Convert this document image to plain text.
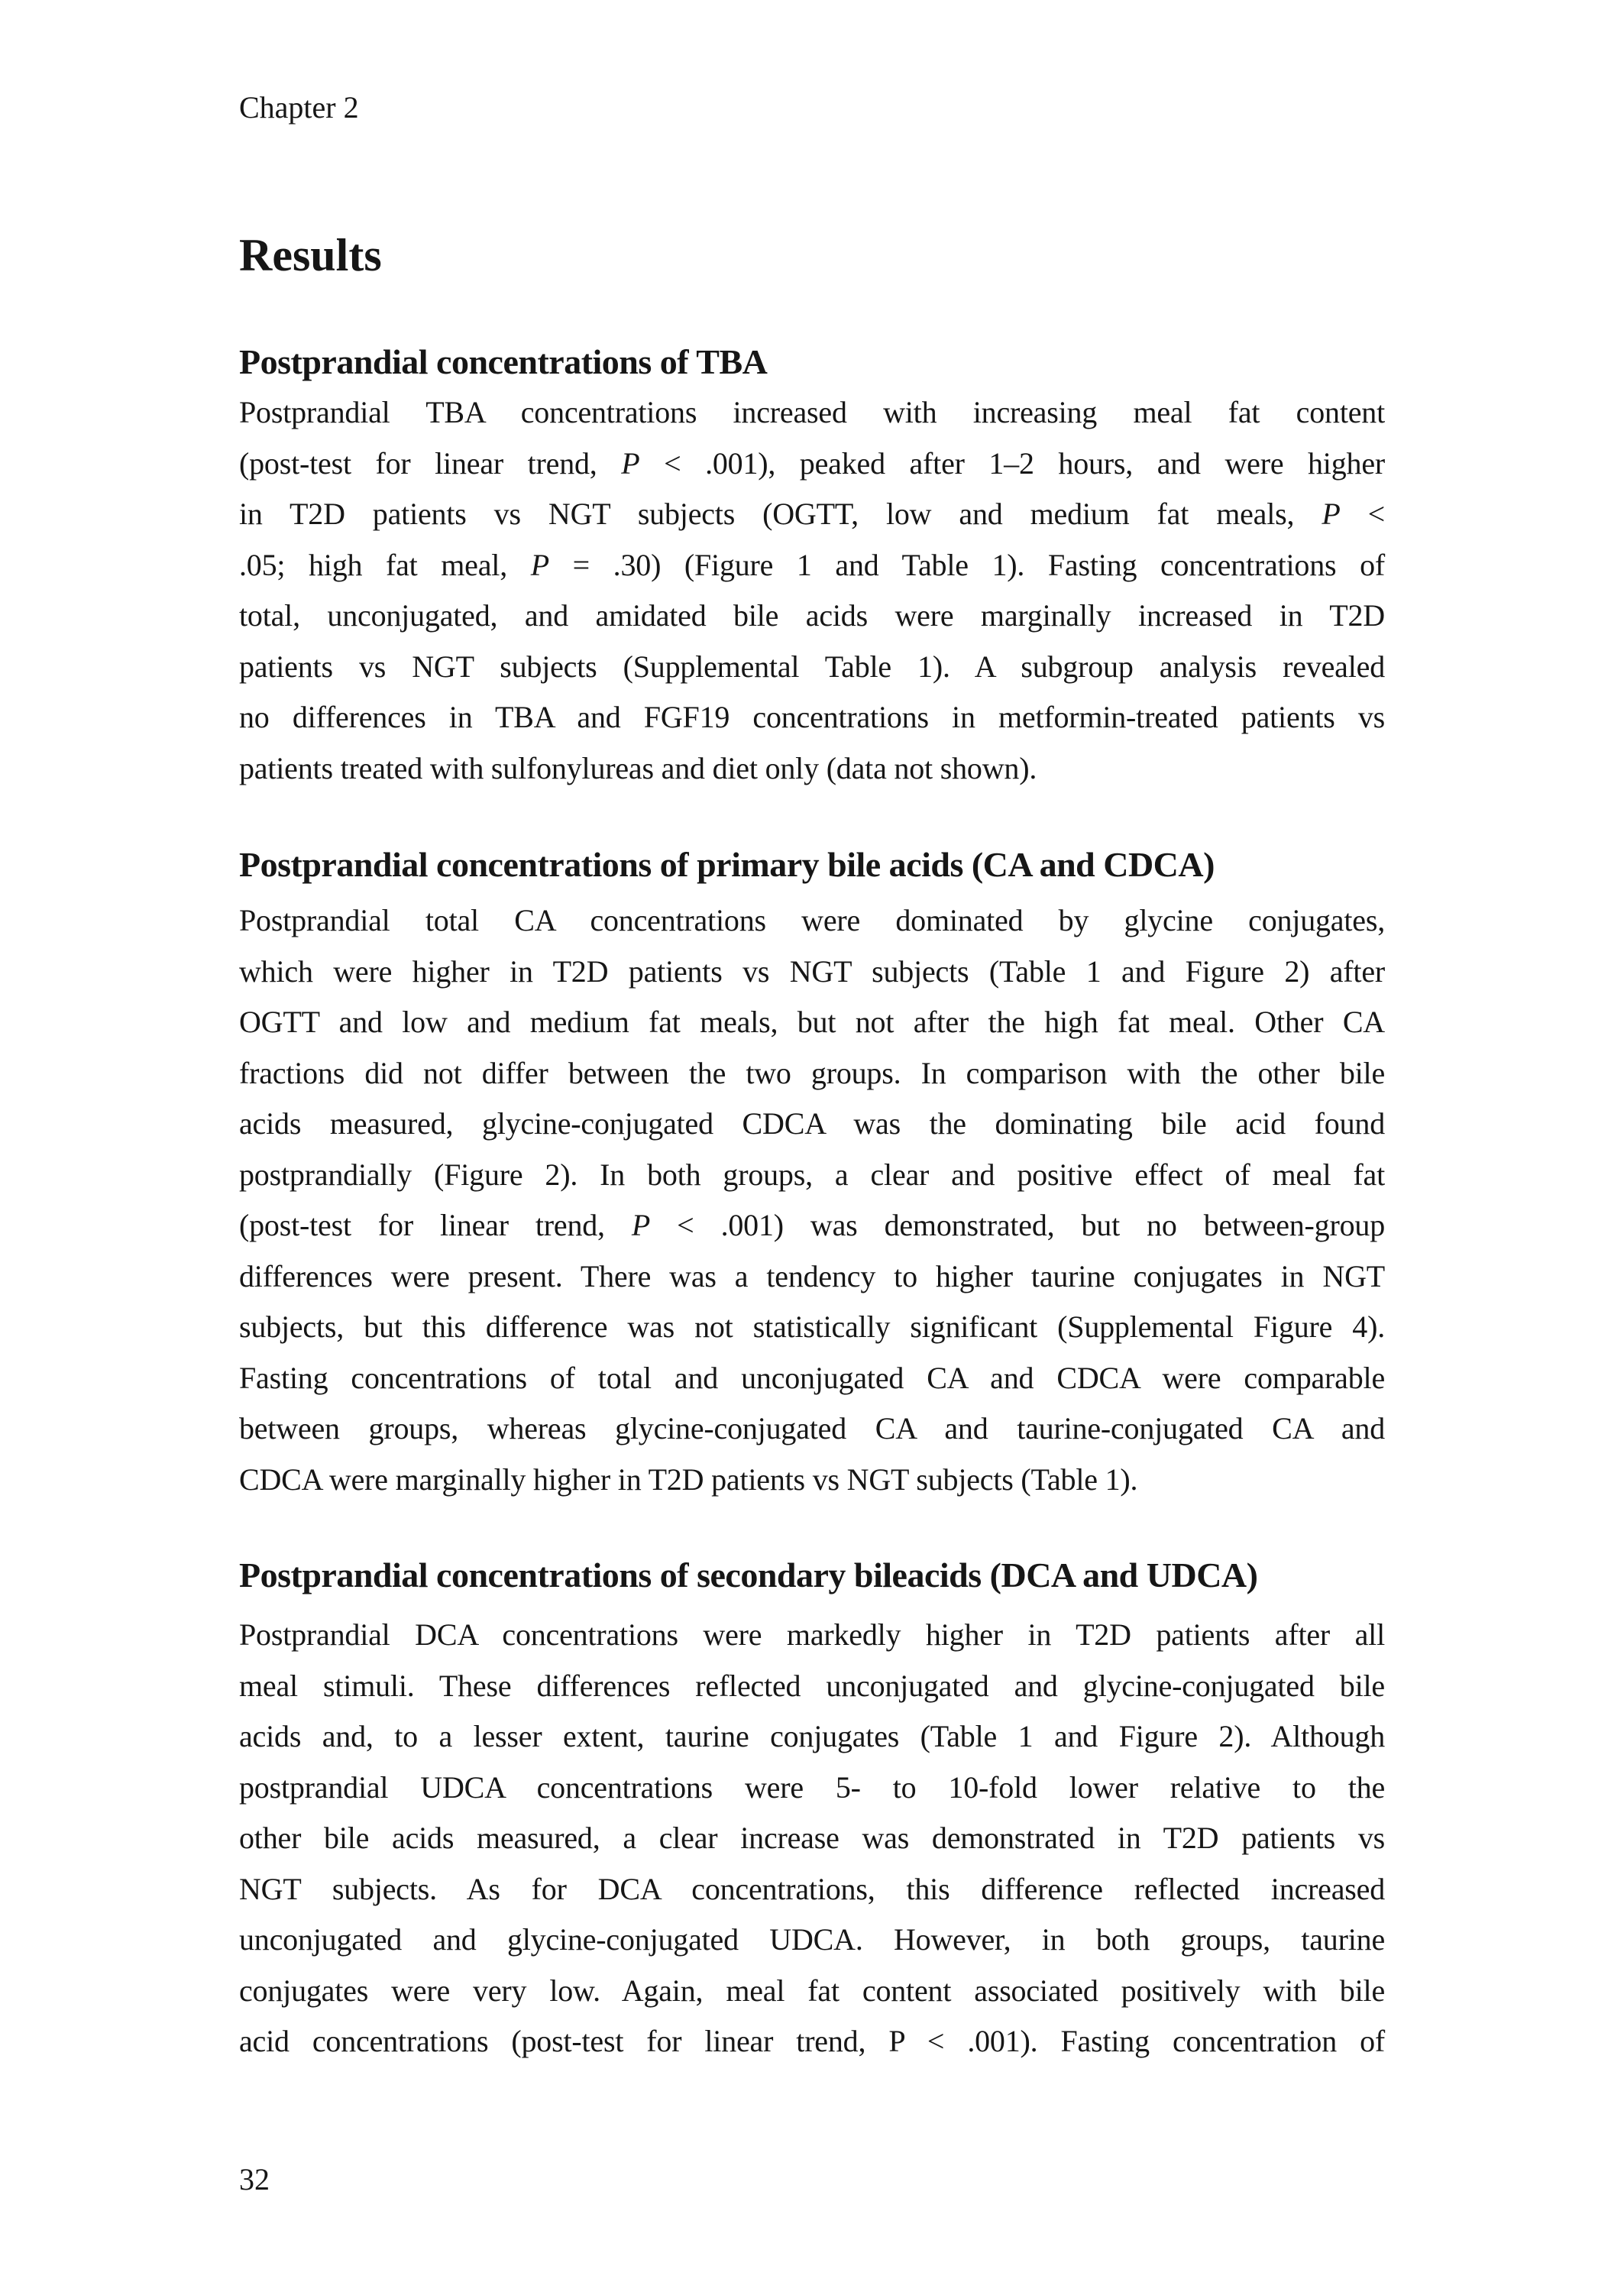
Chapter 2
Results
Postprandial concentrations of TBA
Postprandial TBA concentrations increased with increasing meal fat content
(post-test for linear trend, P < .001), peaked after 1–2 hours, and were higher
in T2D patients vs NGT subjects (OGTT, low and medium fat meals, P <
.05; high fat meal, P = .30) (Figure 1 and Table 1). Fasting concentrations of
total, unconjugated, and amidated bile acids were marginally increased in T2D
patients vs NGT subjects (Supplemental Table 1). A subgroup analysis revealed
no differences in TBA and FGF19 concentrations in metformin-treated patients vs
patients treated with sulfonylureas and diet only (data not shown).
Postprandial concentrations of primary bile acids (CA and CDCA)
Postprandial total CA concentrations were dominated by glycine conjugates,
which were higher in T2D patients vs NGT subjects (Table 1 and Figure 2) after
OGTT and low and medium fat meals, but not after the high fat meal. Other CA
fractions did not differ between the two groups. In comparison with the other bile
acids measured, glycine-conjugated CDCA was the dominating bile acid found
postprandially (Figure 2). In both groups, a clear and positive effect of meal fat
(post-test for linear trend, P < .001) was demonstrated, but no between-group
differences were present. There was a tendency to higher taurine conjugates in NGT
subjects, but this difference was not statistically significant (Supplemental Figure 4).
Fasting concentrations of total and unconjugated CA and CDCA were comparable
between groups, whereas glycine-conjugated CA and taurine-conjugated CA and
CDCA were marginally higher in T2D patients vs NGT subjects (Table 1).
Postprandial concentrations of secondary bileacids (DCA and UDCA)
Postprandial DCA concentrations were markedly higher in T2D patients after all
meal stimuli. These differences reflected unconjugated and glycine-conjugated bile
acids and, to a lesser extent, taurine conjugates (Table 1 and Figure 2). Although
postprandial UDCA concentrations were 5- to 10-fold lower relative to the
other bile acids measured, a clear increase was demonstrated in T2D patients vs
NGT subjects. As for DCA concentrations, this difference reflected increased
unconjugated and glycine-conjugated UDCA. However, in both groups, taurine
conjugates were very low. Again, meal fat content associated positively with bile
acid concentrations (post-test for linear trend, P < .001). Fasting concentration of
32
